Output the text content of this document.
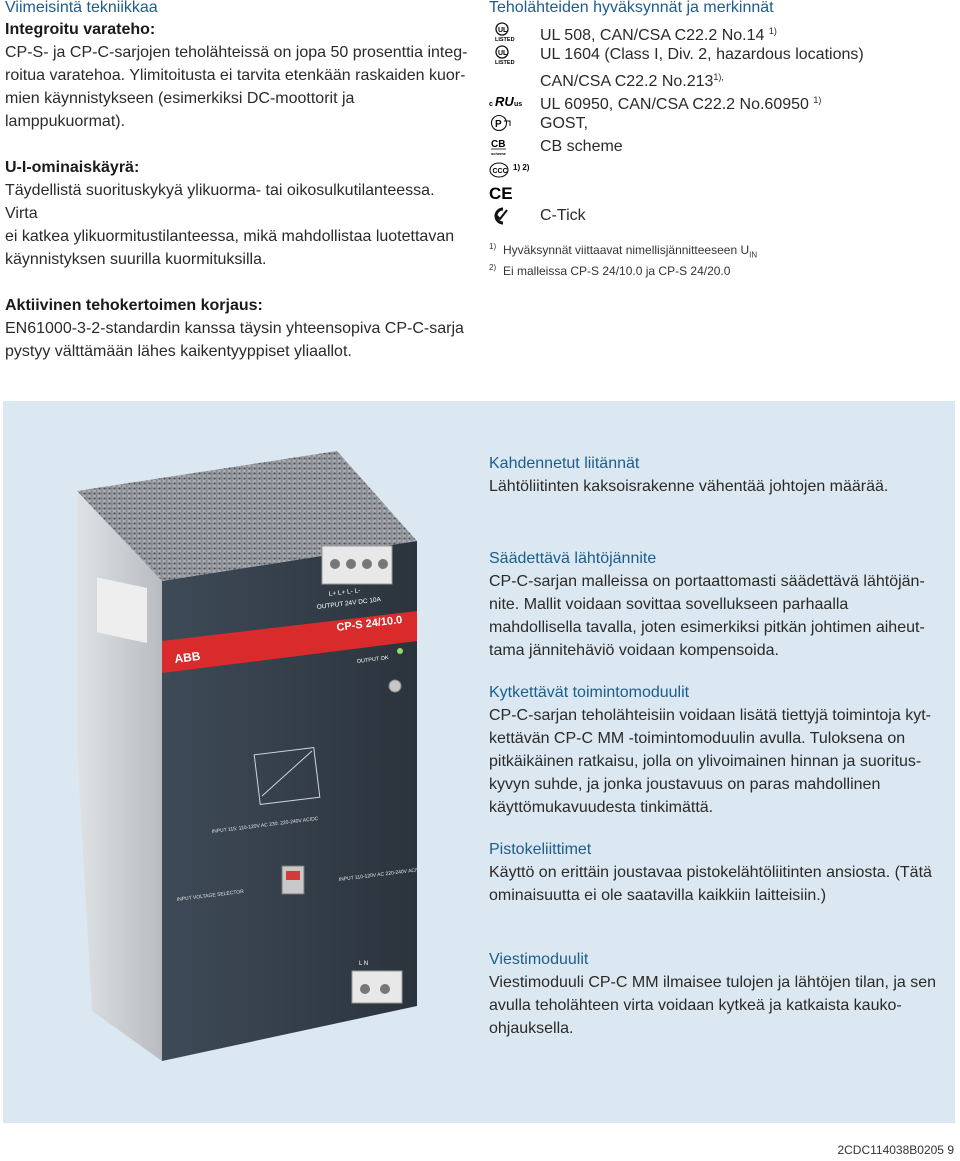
Viimeisintä tekniikkaa
Integroitu varateho:
CP-S- ja CP-C-sarjojen teholähteissä on jopa 50 prosenttia integ-
roitua varatehoa. Ylimitoitusta ei tarvita etenkään raskaiden kuor-
mien käynnistykseen (esimerkiksi DC-moottorit ja
lamppukuormat).
U-I-ominaiskäyrä:
Täydellistä suorituskykyä ylikuorma- tai oikosulkutilanteessa. Virta
ei katkea ylikuormitustilanteessa, mikä mahdollistaa luotettavan
käynnistyksen suurilla kuormituksilla.
Aktiivinen tehokertoimen korjaus:
EN61000-3-2-standardin kanssa täysin yhteensopiva CP-C-sarja
pystyy välttämään lähes kaikentyyppiset yliaallot.
Teholähteiden hyväksynnät ja merkinnät
UL
LISTED UL 508, CAN/CSA C22.2 No.14 $^{1)}$
UL
LISTED UL 1604 (Class I, Div. 2, hazardous locations)
CAN/CSA C22.2 $No.213^{1),}$
c RU us UL 60950, CAN/CSA C22.2 No.60950 $^{1)}$
P GOST,
CB
scheme CB scheme
CCC 1) 2)
CE
C-Tick
1) Hyväksynnät viittaavat nimellisjännitteeseen $U_{IN}$
2) Ei malleissa CP-S 24/10.0 ja CP-S 24/20.0
ABB
CP-S 24/10.0
OUTPUT 24V DC 10A
L+ L+ L- L-
OUTPUT OK
INPUT 115: 110-120V AC 230: 220-240V AC/DC
INPUT VOLTAGE SELECTOR
INPUT 110-120V AC 220-240V AC/DC
L N
Kahdennetut liitännät
Lähtöliitinten kaksoisrakenne vähentää johtojen määrää.
Säädettävä lähtöjännite
CP-C-sarjan malleissa on portaattomasti säädettävä lähtöjän-
nite. Mallit voidaan sovittaa sovellukseen parhaalla
mahdollisella tavalla, joten esimerkiksi pitkän johtimen aiheut-
tama jännitehäviö voidaan kompensoida.
Kytkettävät toimintomoduulit
CP-C-sarjan teholähteisiin voidaan lisätä tiettyjä toimintoja kyt-
kettävän CP-C MM -toimintomoduulin avulla. Tuloksena on
pitkäikäinen ratkaisu, jolla on ylivoimainen hinnan ja suoritus-
kyvyn suhde, ja jonka joustavuus on paras mahdollinen
käyttömukavuudesta tinkimättä.
Pistokeliittimet
Käyttö on erittäin joustavaa pistokelähtöliitinten ansiosta. (Tätä
ominaisuutta ei ole saatavilla kaikkiin laitteisiin.)
Viestimoduulit
Viestimoduuli CP-C MM ilmaisee tulojen ja lähtöjen tilan, ja sen
avulla teholähteen virta voidaan kytkeä ja katkaista kauko-
ohjauksella.
2CDC114038B0205 9
